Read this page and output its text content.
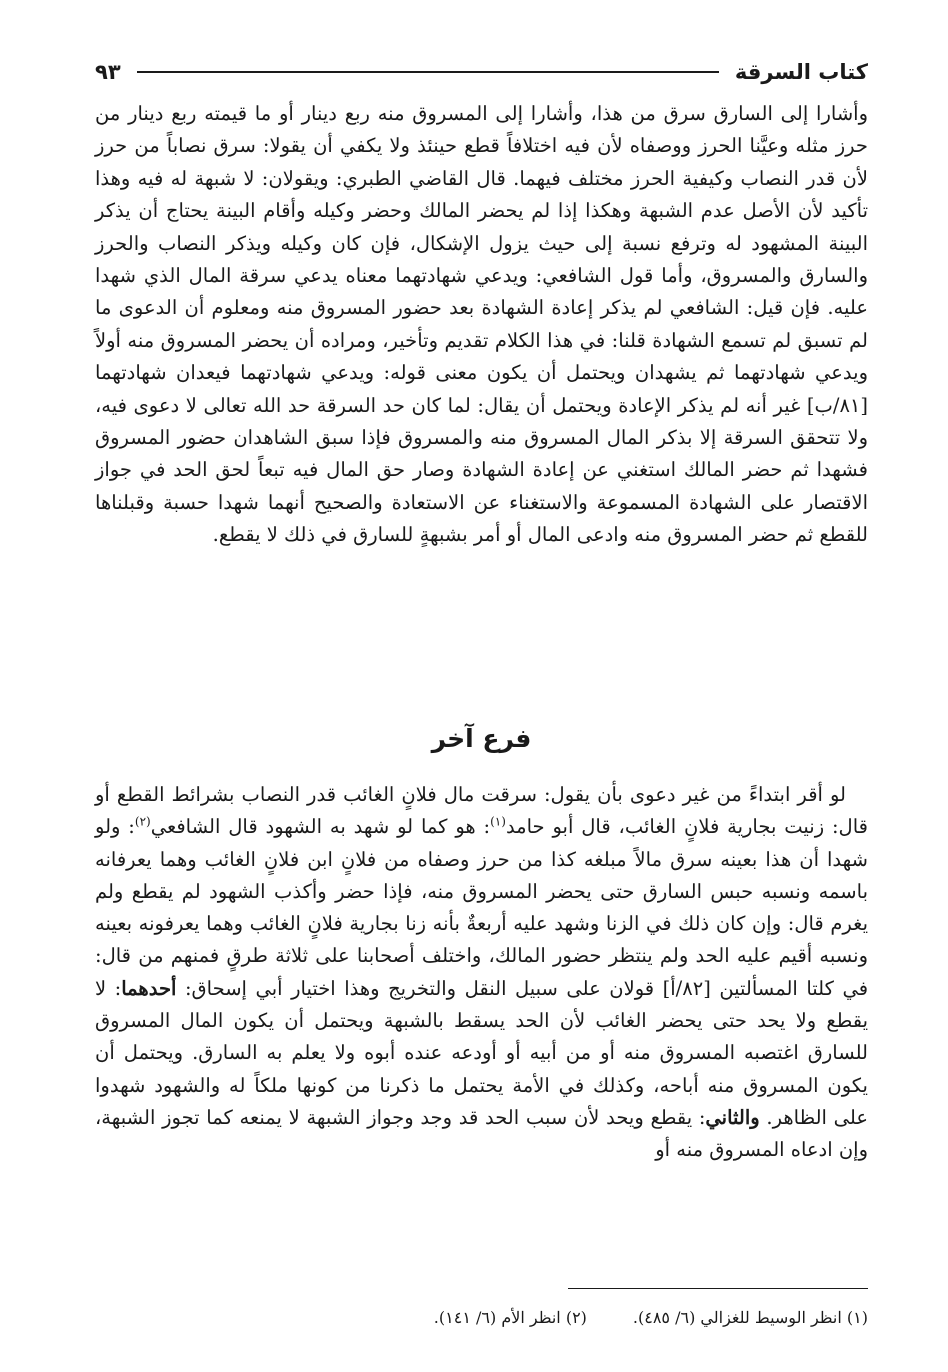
كتاب السرقة
٩٣

وأشارا إلى السارق سرق من هذا، وأشارا إلى المسروق منه ربع دينار أو ما قيمته ربع دينار من حرز مثله وعيَّنا الحرز ووصفاه لأن فيه اختلافاً قطع حينئذ ولا يكفي أن يقولا: سرق نصاباً من حرز لأن قدر النصاب وكيفية الحرز مختلف فيهما. قال القاضي الطبري: ويقولان: لا شبهة له فيه وهذا تأكيد لأن الأصل عدم الشبهة وهكذا إذا لم يحضر المالك وحضر وكيله وأقام البينة يحتاج أن يذكر البينة المشهود له وترفع نسبة إلى حيث يزول الإشكال، فإن كان وكيله ويذكر النصاب والحرز والسارق والمسروق، وأما قول الشافعي: ويدعي شهادتهما معناه يدعي سرقة المال الذي شهدا عليه. فإن قيل: الشافعي لم يذكر إعادة الشهادة بعد حضور المسروق منه ومعلوم أن الدعوى ما لم تسبق لم تسمع الشهادة قلنا: في هذا الكلام تقديم وتأخير، ومراده أن يحضر المسروق منه أولاً ويدعي شهادتهما ثم يشهدان ويحتمل أن يكون معنى قوله: ويدعي شهادتهما فيعدان شهادتهما [٨١/ب] غير أنه لم يذكر الإعادة ويحتمل أن يقال: لما كان حد السرقة حد الله تعالى لا دعوى فيه، ولا تتحقق السرقة إلا بذكر المال المسروق منه والمسروق فإذا سبق الشاهدان حضور المسروق فشهدا ثم حضر المالك استغني عن إعادة الشهادة وصار حق المال فيه تبعاً لحق الحد في جواز الاقتصار على الشهادة المسموعة والاستغناء عن الاستعادة والصحيح أنهما شهدا حسبة وقبلناها للقطع ثم حضر المسروق منه وادعى المال أو أمر بشبهةٍ للسارق في ذلك لا يقطع.

فرع آخر

لو أقر ابتداءً من غير دعوى بأن يقول: سرقت مال فلانٍ الغائب قدر النصاب بشرائط القطع أو قال: زنيت بجارية فلانٍ الغائب، قال أبو حامد$^{(١)}$: هو كما لو شهد به الشهود قال الشافعي$^{(٢)}$: ولو شهدا أن هذا بعينه سرق مالاً مبلغه كذا من حرز وصفاه من فلانٍ ابن فلانٍ الغائب وهما يعرفانه باسمه ونسبه حبس السارق حتى يحضر المسروق منه، فإذا حضر وأكذب الشهود لم يقطع ولم يغرم قال: وإن كان ذلك في الزنا وشهد عليه أربعةٌ بأنه زنا بجارية فلانٍ الغائب وهما يعرفونه بعينه ونسبه أقيم عليه الحد ولم ينتظر حضور المالك، واختلف أصحابنا على ثلاثة طرقٍ فمنهم من قال: في كلتا المسألتين [٨٢/أ] قولان على سبيل النقل والتخريج وهذا اختيار أبي إسحاق: أحدهما: لا يقطع ولا يحد حتى يحضر الغائب لأن الحد يسقط بالشبهة ويحتمل أن يكون المال المسروق للسارق اغتصبه المسروق منه أو من أبيه أو أودعه عنده أبوه ولا يعلم به السارق. ويحتمل أن يكون المسروق منه أباحه، وكذلك في الأمة يحتمل ما ذكرنا من كونها ملكاً له والشهود شهدوا على الظاهر. والثاني: يقطع ويحد لأن سبب الحد قد وجد وجواز الشبهة لا يمنعه كما تجوز الشبهة، وإن ادعاه المسروق منه أو

(١) انظر الوسيط للغزالي (٦/ ٤٨٥).
(٢) انظر الأم (٦/ ١٤١).
